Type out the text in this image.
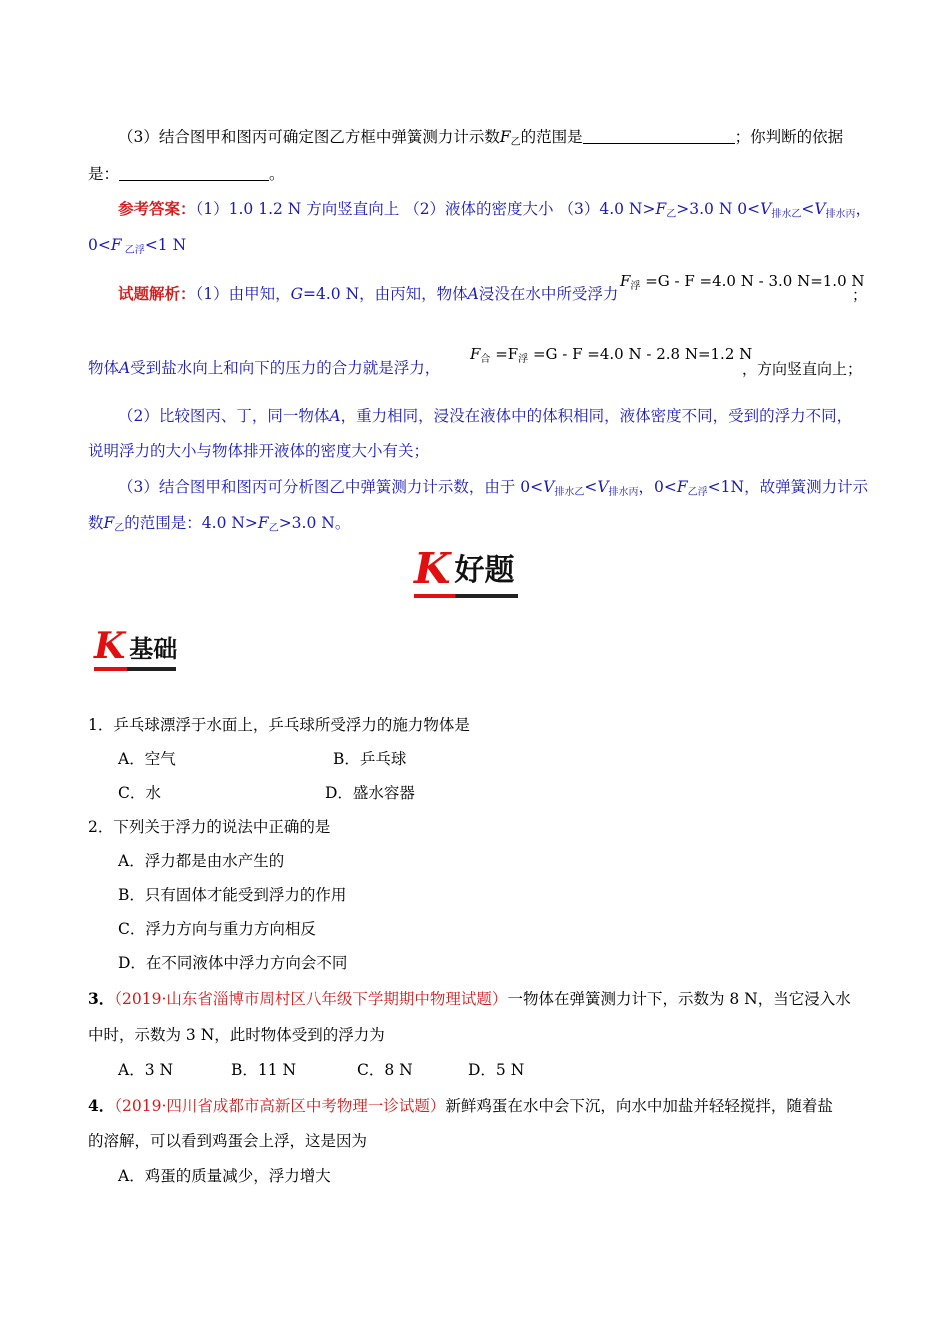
（3）结合图甲和图丙可确定图乙方框中弹簧测力计示数$F_乙$的范围是	；你判断的依据
是：	。
参考答案：（1）1.0 1.2 N 方向竖直向上 （2）液体的密度大小 （3）4.0 $N>F_乙>3.0$ N $0<V_{排水乙}<V_{排水丙}$，
0<F $_{乙浮}$<1 N
试题解析：（1）由甲知，G=4.0 N，由丙知，物体A浸没在水中所受浮力
$F_浮 =G - F =4.0$ N - 3.0 N=1.0 N
；
物体A受到盐水向上和向下的压力的合力就是浮力，
$F_合 =F_浮 =G - F =4.0$ N - 2.8 N=1.2 N
，方向竖直向上；
（2）比较图丙、丁，同一物体A，重力相同，浸没在液体中的体积相同，液体密度不同，受到的浮力不同，
说明浮力的大小与物体排开液体的密度大小有关；
（3）结合图甲和图丙可分析图乙中弹簧测力计示数，由于 $0<V_{排水乙}<V_{排水丙}$，$0<F_{乙浮}<1N$，故弹簧测力计示
数$F_乙$的范围是：4.0 $N>F_乙>3.0$ N。
K 好题
K 基础
1．乒乓球漂浮于水面上，乒乓球所受浮力的施力物体是
A．空气	B．乒乓球
C．水	D．盛水容器
2．下列关于浮力的说法中正确的是
A．浮力都是由水产生的
B．只有固体才能受到浮力的作用
C．浮力方向与重力方向相反
D．在不同液体中浮力方向会不同
3．（2019·山东省淄博市周村区八年级下学期期中物理试题）一物体在弹簧测力计下，示数为 8 N，当它浸入水
中时，示数为 3 N，此时物体受到的浮力为
A．3 N	B．11 N	C．8 N	D．5 N
4．（2019·四川省成都市高新区中考物理一诊试题）新鲜鸡蛋在水中会下沉，向水中加盐并轻轻搅拌，随着盐
的溶解，可以看到鸡蛋会上浮，这是因为
A．鸡蛋的质量减少，浮力增大
